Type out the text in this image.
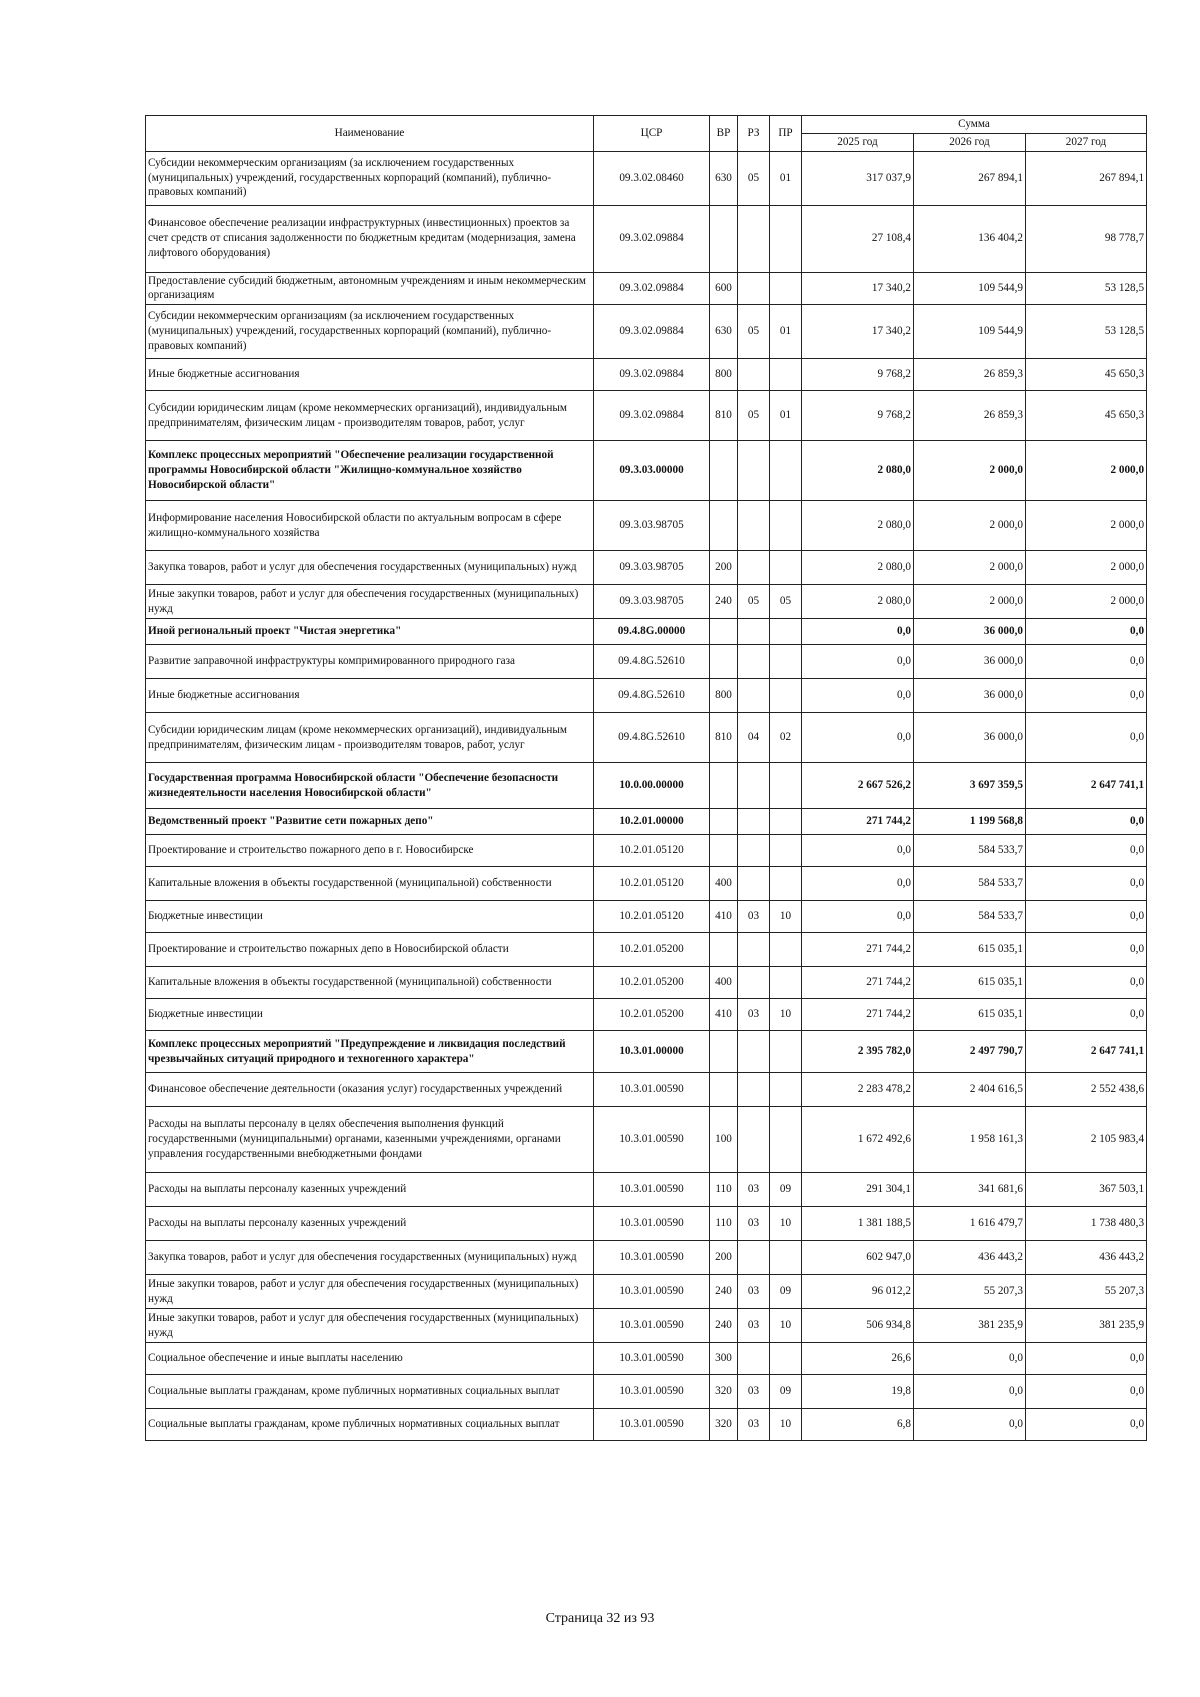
Наименование	ЦСР	ВР	РЗ	ПР	Сумма		
					2025 год	2026 год	2027 год
Субсидии некоммерческим организациям (за исключением государственных (муниципальных) учреждений, государственных корпораций (компаний), публично-правовых компаний)	09.3.02.08460	630	05	01	317 037,9	267 894,1	267 894,1
Финансовое обеспечение реализации инфраструктурных (инвестиционных) проектов за счет средств от списания задолженности по бюджетным кредитам (модернизация, замена лифтового оборудования)	09.3.02.09884				27 108,4	136 404,2	98 778,7
Предоставление субсидий бюджетным, автономным учреждениям и иным некоммерческим организациям	09.3.02.09884	600			17 340,2	109 544,9	53 128,5
Субсидии некоммерческим организациям (за исключением государственных (муниципальных) учреждений, государственных корпораций (компаний), публично-правовых компаний)	09.3.02.09884	630	05	01	17 340,2	109 544,9	53 128,5
Иные бюджетные ассигнования	09.3.02.09884	800			9 768,2	26 859,3	45 650,3
Субсидии юридическим лицам (кроме некоммерческих организаций), индивидуальным предпринимателям, физическим лицам - производителям товаров, работ, услуг	09.3.02.09884	810	05	01	9 768,2	26 859,3	45 650,3
Комплекс процессных мероприятий "Обеспечение реализации государственной программы Новосибирской области "Жилищно-коммунальное хозяйство Новосибирской области"	09.3.03.00000				2 080,0	2 000,0	2 000,0
Информирование населения Новосибирской области по актуальным вопросам в сфере жилищно-коммунального хозяйства	09.3.03.98705				2 080,0	2 000,0	2 000,0
Закупка товаров, работ и услуг для обеспечения государственных (муниципальных) нужд	09.3.03.98705	200			2 080,0	2 000,0	2 000,0
Иные закупки товаров, работ и услуг для обеспечения государственных (муниципальных) нужд	09.3.03.98705	240	05	05	2 080,0	2 000,0	2 000,0
Иной региональный проект "Чистая энергетика"	09.4.8G.00000				0,0	36 000,0	0,0
Развитие заправочной инфраструктуры компримированного природного газа	09.4.8G.52610				0,0	36 000,0	0,0
Иные бюджетные ассигнования	09.4.8G.52610	800			0,0	36 000,0	0,0
Субсидии юридическим лицам (кроме некоммерческих организаций), индивидуальным предпринимателям, физическим лицам - производителям товаров, работ, услуг	09.4.8G.52610	810	04	02	0,0	36 000,0	0,0
Государственная программа Новосибирской области "Обеспечение безопасности жизнедеятельности населения Новосибирской области"	10.0.00.00000				2 667 526,2	3 697 359,5	2 647 741,1
Ведомственный проект "Развитие сети пожарных депо"	10.2.01.00000				271 744,2	1 199 568,8	0,0
Проектирование и строительство пожарного депо в г. Новосибирске	10.2.01.05120				0,0	584 533,7	0,0
Капитальные вложения в объекты государственной (муниципальной) собственности	10.2.01.05120	400			0,0	584 533,7	0,0
Бюджетные инвестиции	10.2.01.05120	410	03	10	0,0	584 533,7	0,0
Проектирование и строительство пожарных депо в Новосибирской области	10.2.01.05200				271 744,2	615 035,1	0,0
Капитальные вложения в объекты государственной (муниципальной) собственности	10.2.01.05200	400			271 744,2	615 035,1	0,0
Бюджетные инвестиции	10.2.01.05200	410	03	10	271 744,2	615 035,1	0,0
Комплекс процессных мероприятий "Предупреждение и ликвидация последствий чрезвычайных ситуаций природного и техногенного характера"	10.3.01.00000				2 395 782,0	2 497 790,7	2 647 741,1
Финансовое обеспечение деятельности (оказания услуг) государственных учреждений	10.3.01.00590				2 283 478,2	2 404 616,5	2 552 438,6
Расходы на выплаты персоналу в целях обеспечения выполнения функций государственными (муниципальными) органами, казенными учреждениями, органами управления государственными внебюджетными фондами	10.3.01.00590	100			1 672 492,6	1 958 161,3	2 105 983,4
Расходы на выплаты персоналу казенных учреждений	10.3.01.00590	110	03	09	291 304,1	341 681,6	367 503,1
Расходы на выплаты персоналу казенных учреждений	10.3.01.00590	110	03	10	1 381 188,5	1 616 479,7	1 738 480,3
Закупка товаров, работ и услуг для обеспечения государственных (муниципальных) нужд	10.3.01.00590	200			602 947,0	436 443,2	436 443,2
Иные закупки товаров, работ и услуг для обеспечения государственных (муниципальных) нужд	10.3.01.00590	240	03	09	96 012,2	55 207,3	55 207,3
Иные закупки товаров, работ и услуг для обеспечения государственных (муниципальных) нужд	10.3.01.00590	240	03	10	506 934,8	381 235,9	381 235,9
Социальное обеспечение и иные выплаты населению	10.3.01.00590	300			26,6	0,0	0,0
Социальные выплаты гражданам, кроме публичных нормативных социальных выплат	10.3.01.00590	320	03	09	19,8	0,0	0,0
Социальные выплаты гражданам, кроме публичных нормативных социальных выплат	10.3.01.00590	320	03	10	6,8	0,0	0,0
Страница 32 из 93
